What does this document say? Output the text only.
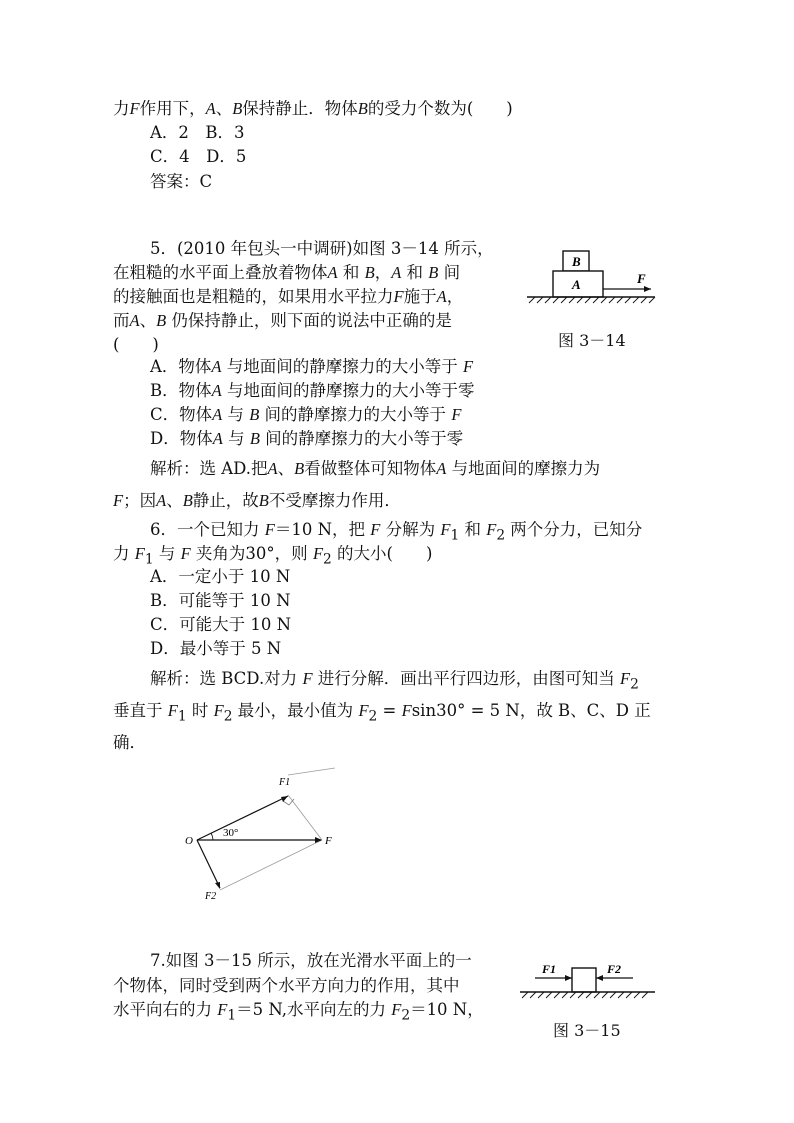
力F作用下，A、B保持静止．物体B的受力个数为(　　)
A．2　B．3
C．4　D．5
答案：C
5．(2010 年包头一中调研)如图 3－14 所示，
在粗糙的水平面上叠放着物体A 和 B，A 和 B 间
的接触面也是粗糙的，如果用水平拉力F施于A，
而A、B 仍保持静止，则下面的说法中正确的是
(　　)
A．物体A 与地面间的静摩擦力的大小等于 F
B．物体A 与地面间的静摩擦力的大小等于零
C．物体A 与 B 间的静摩擦力的大小等于 F
D．物体A 与 B 间的静摩擦力的大小等于零
解析：选 AD.把A、B看做整体可知物体A 与地面间的摩擦力为
F；因A、B静止，故B不受摩擦力作用．
B
A	F
图 3－14
6．一个已知力 F＝10 N，把 F 分解为 $F_1$ 和 $F_2$ 两个分力，已知分
力 $F_1$ 与 F 夹角为30°，则 $F_2$ 的大小(　　)
A．一定小于 10 N
B．可能等于 10 N
C．可能大于 10 N
D．最小等于 5 N
解析：选 BCD.对力 F 进行分解．画出平行四边形，由图可知当 $F_2$
垂直于 $F_1$ 时 $F_2$ 最小，最小值为 $F_2 = Fsin30^\circ = 5$ N，故 B、C、D 正
确．
O
30°
F
F1
F2
7.如图 3－15 所示，放在光滑水平面上的一
个物体，同时受到两个水平方向力的作用，其中
水平向右的力 $F_1=5$ N,水平向左的力 $F_2=10$ N，
F1	F2
图 3－15
